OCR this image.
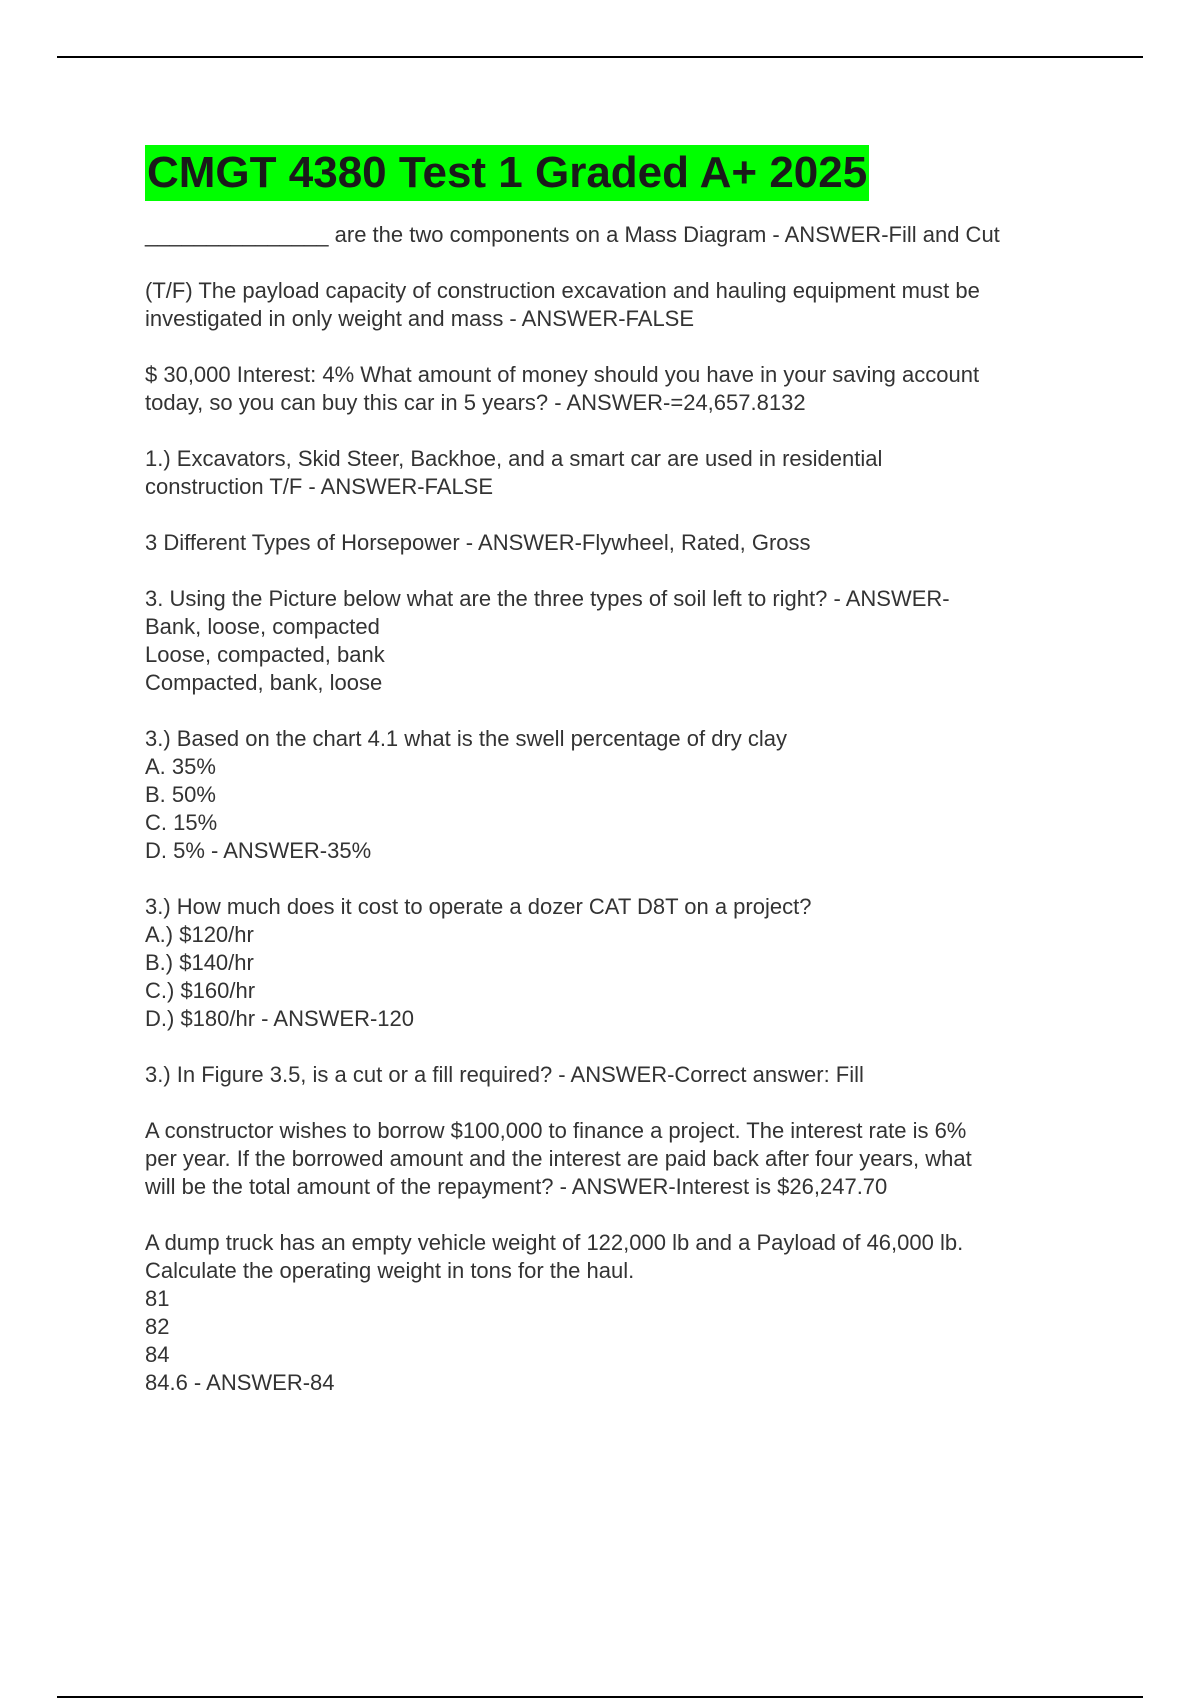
CMGT 4380 Test 1 Graded A+ 2025
_______________ are the two components on a Mass Diagram - ANSWER-Fill and Cut
(T/F) The payload capacity of construction excavation and hauling equipment must be
investigated in only weight and mass - ANSWER-FALSE
$ 30,000 Interest: 4% What amount of money should you have in your saving account
today, so you can buy this car in 5 years? - ANSWER-=24,657.8132
1.) Excavators, Skid Steer, Backhoe, and a smart car are used in residential
construction T/F - ANSWER-FALSE
3 Different Types of Horsepower - ANSWER-Flywheel, Rated, Gross
3. Using the Picture below what are the three types of soil left to right? - ANSWER-
Bank, loose, compacted
Loose, compacted, bank
Compacted, bank, loose
3.) Based on the chart 4.1 what is the swell percentage of dry clay
A. 35%
B. 50%
C. 15%
D. 5% - ANSWER-35%
3.) How much does it cost to operate a dozer CAT D8T on a project?
A.) $120/hr
B.) $140/hr
C.) $160/hr
D.) $180/hr - ANSWER-120
3.) In Figure 3.5, is a cut or a fill required? - ANSWER-Correct answer: Fill
A constructor wishes to borrow $100,000 to finance a project. The interest rate is 6%
per year. If the borrowed amount and the interest are paid back after four years, what
will be the total amount of the repayment? - ANSWER-Interest is $26,247.70
A dump truck has an empty vehicle weight of 122,000 lb and a Payload of 46,000 lb.
Calculate the operating weight in tons for the haul.
81
82
84
84.6 - ANSWER-84
